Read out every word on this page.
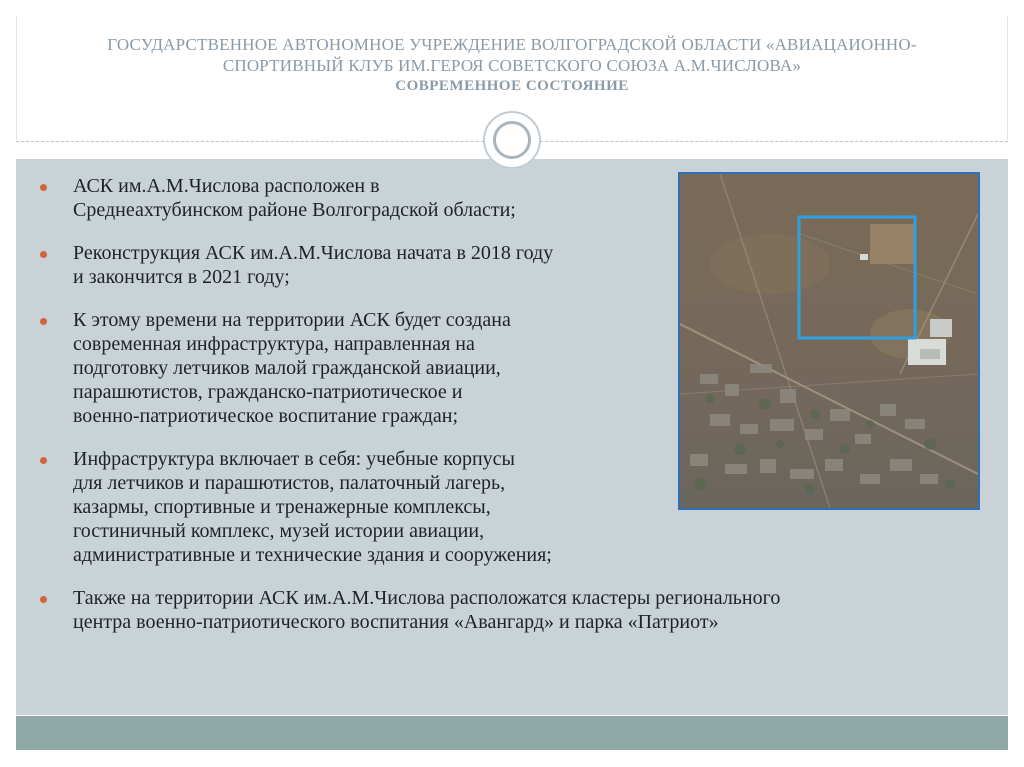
ГОСУДАРСТВЕННОЕ АВТОНОМНОЕ УЧРЕЖДЕНИЕ ВОЛГОГРАДСКОЙ ОБЛАСТИ «АВИАЦАИОННО-
СПОРТИВНЫЙ КЛУБ ИМ.ГЕРОЯ СОВЕТСКОГО СОЮЗА А.М.ЧИСЛОВА»
СОВРЕМЕННОЕ СОСТОЯНИЕ
АСК им.А.М.Числова расположен в
Среднеахтубинском районе Волгоградской области;
Реконструкция АСК им.А.М.Числова начата в 2018 году
и закончится в 2021 году;
К этому времени на территории АСК будет создана
современная инфраструктура, направленная на
подготовку летчиков малой гражданской авиации,
парашютистов, гражданско-патриотическое и
военно-патриотическое воспитание граждан;
Инфраструктура включает в себя: учебные корпусы
для летчиков и парашютистов, палаточный лагерь,
казармы, спортивные и тренажерные комплексы,
гостиничный комплекс, музей истории авиации,
административные и технические здания и сооружения;
Также на территории АСК им.А.М.Числова расположатся кластеры регионального
центра военно-патриотического воспитания «Авангард» и парка «Патриот»
